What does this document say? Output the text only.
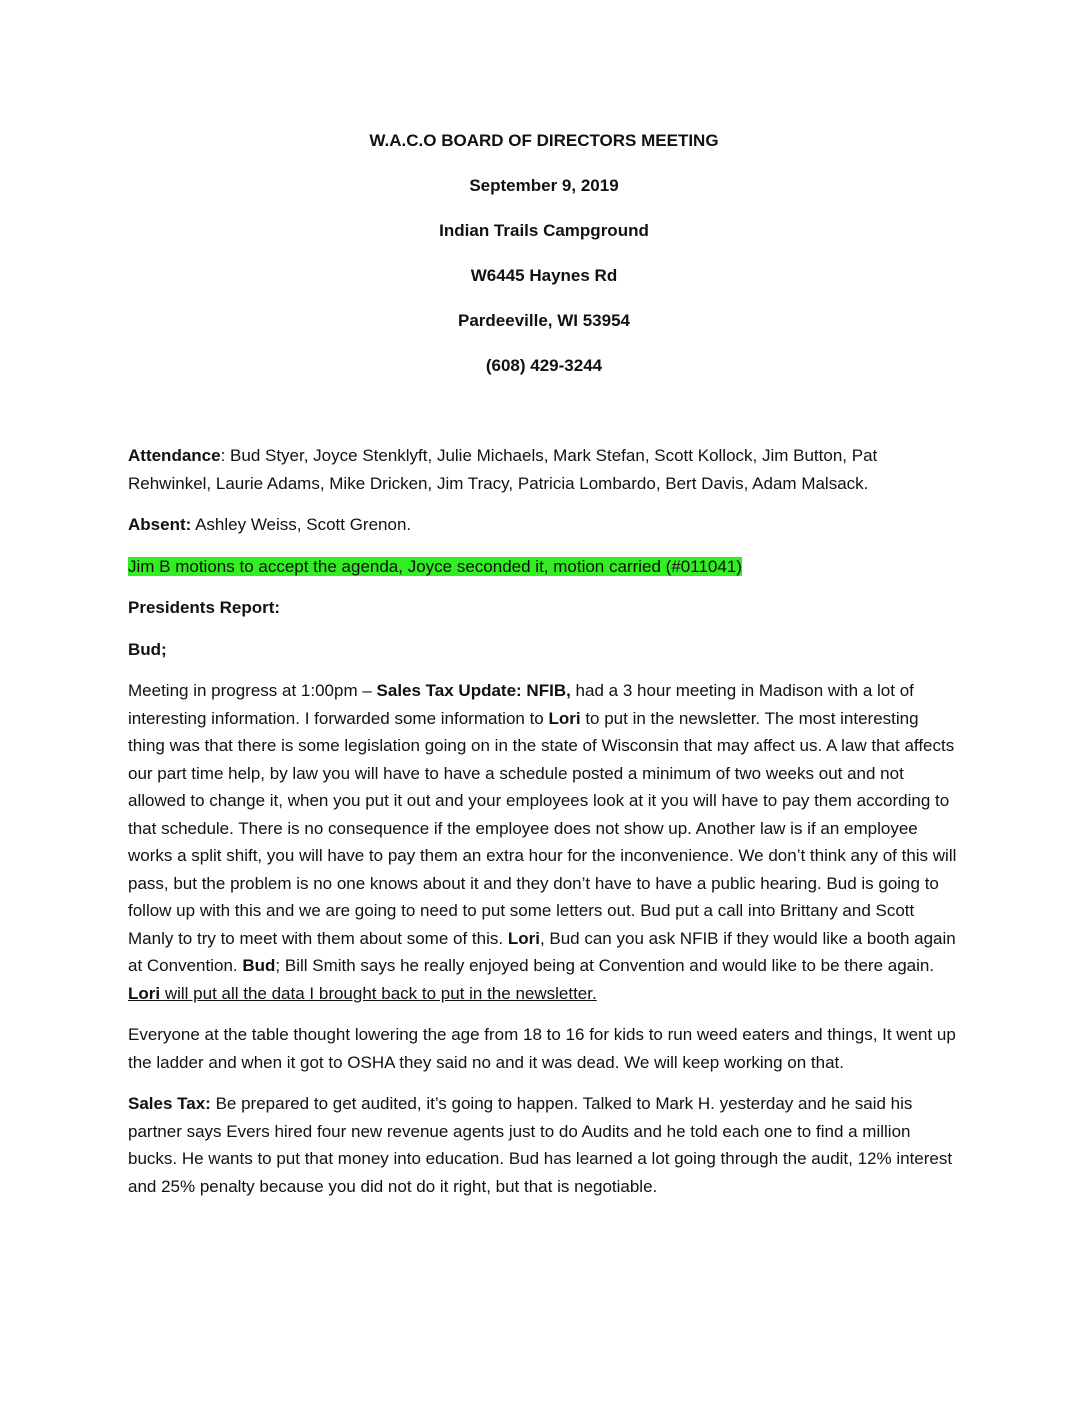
W.A.C.O BOARD OF DIRECTORS MEETING
September 9, 2019
Indian Trails Campground
W6445 Haynes Rd
Pardeeville, WI 53954
(608) 429-3244

Attendance: Bud Styer, Joyce Stenklyft, Julie Michaels, Mark Stefan, Scott Kollock, Jim Button, Pat Rehwinkel, Laurie Adams, Mike Dricken, Jim Tracy, Patricia Lombardo, Bert Davis, Adam Malsack.

Absent: Ashley Weiss, Scott Grenon.

Jim B motions to accept the agenda, Joyce seconded it, motion carried (#011041)

Presidents Report:

Bud;

Meeting in progress at 1:00pm – Sales Tax Update: NFIB, had a 3 hour meeting in Madison with a lot of interesting information. I forwarded some information to Lori to put in the newsletter. The most interesting thing was that there is some legislation going on in the state of Wisconsin that may affect us. A law that affects our part time help, by law you will have to have a schedule posted a minimum of two weeks out and not allowed to change it, when you put it out and your employees look at it you will have to pay them according to that schedule. There is no consequence if the employee does not show up. Another law is if an employee works a split shift, you will have to pay them an extra hour for the inconvenience. We don’t think any of this will pass, but the problem is no one knows about it and they don’t have to have a public hearing. Bud is going to follow up with this and we are going to need to put some letters out. Bud put a call into Brittany and Scott Manly to try to meet with them about some of this. Lori, Bud can you ask NFIB if they would like a booth again at Convention. Bud; Bill Smith says he really enjoyed being at Convention and would like to be there again. Lori will put all the data I brought back to put in the newsletter.

Everyone at the table thought lowering the age from 18 to 16 for kids to run weed eaters and things, It went up the ladder and when it got to OSHA they said no and it was dead. We will keep working on that.

Sales Tax: Be prepared to get audited, it’s going to happen. Talked to Mark H. yesterday and he said his partner says Evers hired four new revenue agents just to do Audits and he told each one to find a million bucks. He wants to put that money into education. Bud has learned a lot going through the audit, 12% interest and 25% penalty because you did not do it right, but that is negotiable.
